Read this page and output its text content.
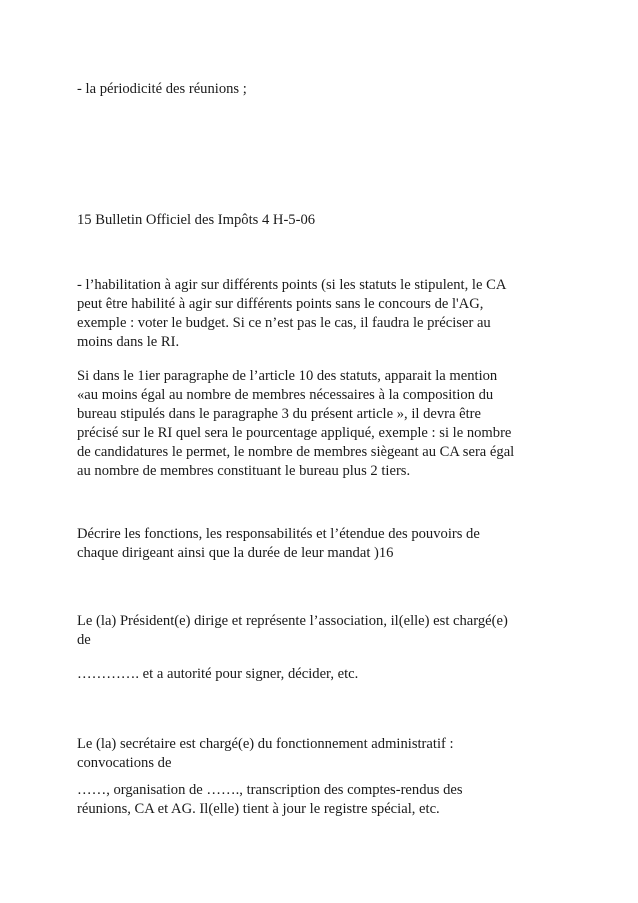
- la périodicité des réunions ;

15 Bulletin Officiel des Impôts 4 H-5-06

- l’habilitation à agir sur différents points (si les statuts le stipulent, le CA
peut être habilité à agir sur différents points sans le concours de l'AG,
exemple : voter le budget. Si ce n’est pas le cas, il faudra le préciser au
moins dans le RI.

Si dans le 1ier paragraphe de l’article 10 des statuts, apparait la mention
«au moins égal au nombre de membres nécessaires à la composition du
bureau stipulés dans le paragraphe 3 du présent article », il devra être
précisé sur le RI quel sera le pourcentage appliqué, exemple : si le nombre
de candidatures le permet, le nombre de membres siègeant au CA sera égal
au nombre de membres constituant le bureau plus 2 tiers.

Décrire les fonctions, les responsabilités et l’étendue des pouvoirs de
chaque dirigeant ainsi que la durée de leur mandat )16

Le (la) Président(e) dirige et représente l’association, il(elle) est chargé(e)
de

…………. et a autorité pour signer, décider, etc.

Le (la) secrétaire est chargé(e) du fonctionnement administratif :
convocations de

……, organisation de ……., transcription des comptes-rendus des
réunions, CA et AG. Il(elle) tient à jour le registre spécial, etc.
